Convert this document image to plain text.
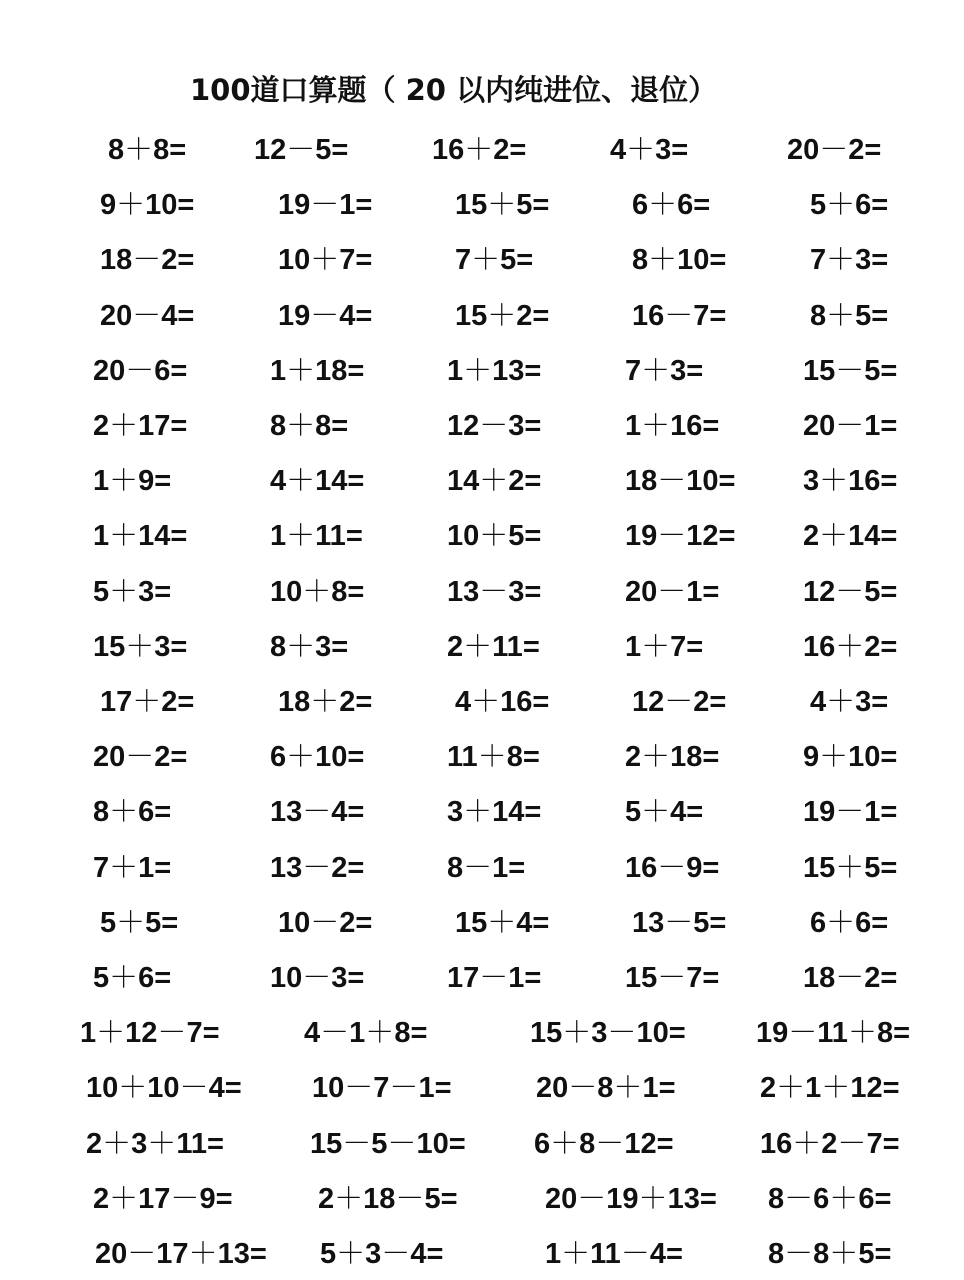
100道口算题（ 20 以内纯进位、退位）
8＋8= 12－5=	16＋2=	4＋3=	20－2=
9＋10=	19－1=	15＋5=	6＋6=	5＋6=
18－2=	10＋7=	7＋5=	8＋10=	7＋3=
20－4=	19－4=	15＋2=	16－7=	8＋5=
20－6=	1＋18=	1＋13=	7＋3=	15－5=
2＋17=	8＋8=	12－3=	1＋16=	20－1=
1＋9=	4＋14=	14＋2=	18－10= 3＋16=
1＋14=	1＋11=	10＋5=	19－12= 2＋14=
5＋3=	10＋8=	13－3=	20－1=	12－5=
15＋3=	8＋3=	2＋11=	1＋7=	16＋2=
17＋2=	18＋2=	4＋16=	12－2=	4＋3=
20－2=	6＋10=	11＋8=	2＋18=	9＋10=
8＋6=	13－4=	3＋14=	5＋4=	19－1=
7＋1=	13－2=	8－1=	16－9=	15＋5=
5＋5=	10－2=	15＋4=	13－5=	6＋6=
5＋6=	10－3=	17－1=	15－7=	18－2=
1＋12－7=	4－1＋8=	15＋3－10= 19－11＋8=
10＋10－4= 10－7－1=	20－8＋1=	2＋1＋12=
2＋3＋11=	15－5－10= 6＋8－12=	16＋2－7=
2＋17－9=	2＋18－5=	20－19＋13= 8－6＋6=
20－17＋13= 5＋3－4=	1＋11－4=	8－8＋5=
